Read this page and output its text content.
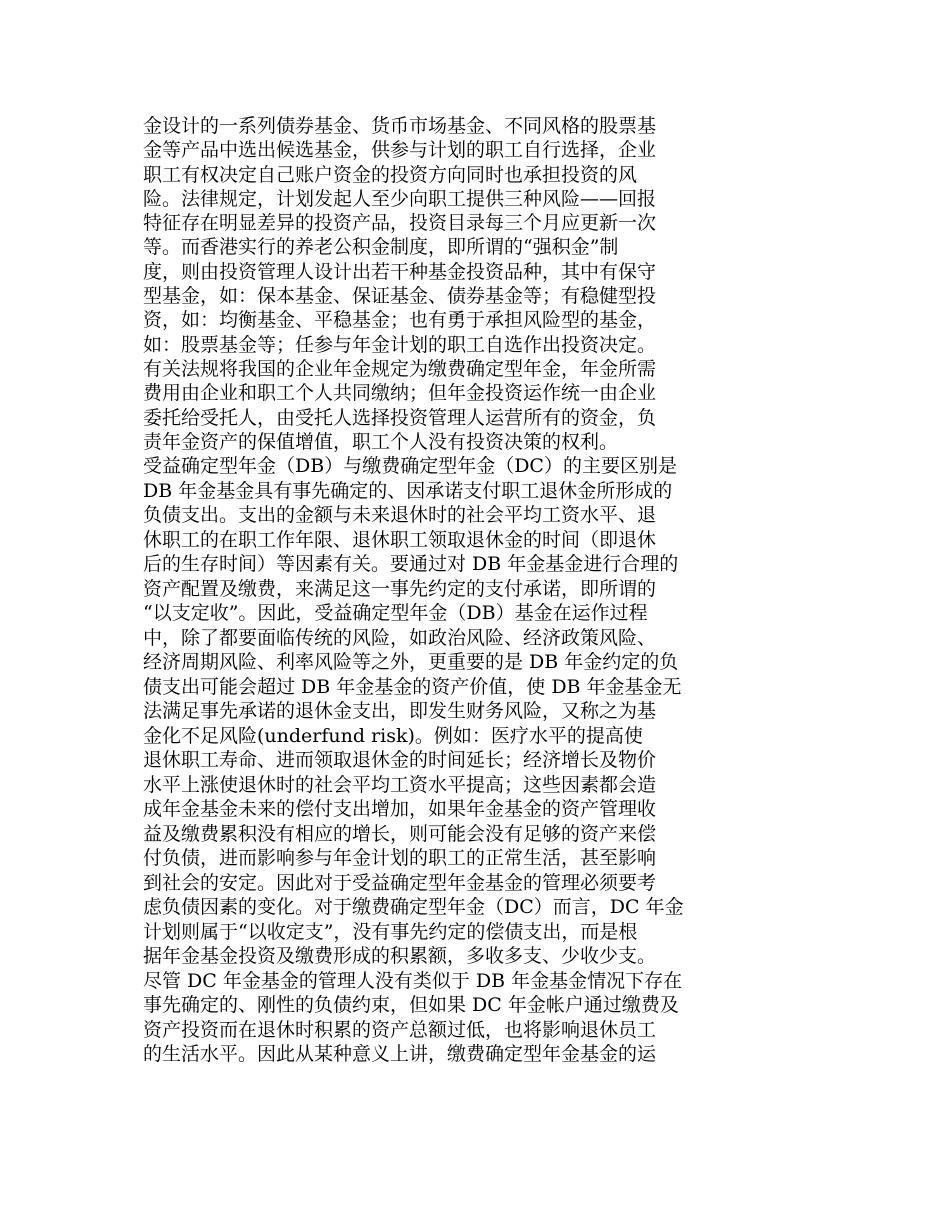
金设计的一系列债券基金、货币市场基金、不同风格的股票基
金等产品中选出候选基金，供参与计划的职工自行选择，企业
职工有权决定自己账户资金的投资方向同时也承担投资的风
险。法律规定，计划发起人至少向职工提供三种风险——回报
特征存在明显差异的投资产品，投资目录每三个月应更新一次
等。而香港实行的养老公积金制度，即所谓的“强积金”制
度，则由投资管理人设计出若干种基金投资品种，其中有保守
型基金，如：保本基金、保证基金、债券基金等；有稳健型投
资，如：均衡基金、平稳基金；也有勇于承担风险型的基金，
如：股票基金等；任参与年金计划的职工自选作出投资决定。
有关法规将我国的企业年金规定为缴费确定型年金，年金所需
费用由企业和职工个人共同缴纳；但年金投资运作统一由企业
委托给受托人，由受托人选择投资管理人运营所有的资金，负
责年金资产的保值增值，职工个人没有投资决策的权利。
受益确定型年金（DB）与缴费确定型年金（DC）的主要区别是
DB 年金基金具有事先确定的、因承诺支付职工退休金所形成的
负债支出。支出的金额与未来退休时的社会平均工资水平、退
休职工的在职工作年限、退休职工领取退休金的时间（即退休
后的生存时间）等因素有关。要通过对 DB 年金基金进行合理的
资产配置及缴费，来满足这一事先约定的支付承诺，即所谓的
“以支定收”。因此，受益确定型年金（DB）基金在运作过程
中，除了都要面临传统的风险，如政治风险、经济政策风险、
经济周期风险、利率风险等之外，更重要的是 DB 年金约定的负
债支出可能会超过 DB 年金基金的资产价值，使 DB 年金基金无
法满足事先承诺的退休金支出，即发生财务风险，又称之为基
金化不足风险(underfund risk)。例如：医疗水平的提高使
退休职工寿命、进而领取退休金的时间延长；经济增长及物价
水平上涨使退休时的社会平均工资水平提高；这些因素都会造
成年金基金未来的偿付支出增加，如果年金基金的资产管理收
益及缴费累积没有相应的增长，则可能会没有足够的资产来偿
付负债，进而影响参与年金计划的职工的正常生活，甚至影响
到社会的安定。因此对于受益确定型年金基金的管理必须要考
虑负债因素的变化。对于缴费确定型年金（DC）而言，DC 年金
计划则属于“以收定支”，没有事先约定的偿债支出，而是根
据年金基金投资及缴费形成的积累额，多收多支、少收少支。
尽管 DC 年金基金的管理人没有类似于 DB 年金基金情况下存在
事先确定的、刚性的负债约束，但如果 DC 年金帐户通过缴费及
资产投资而在退休时积累的资产总额过低，也将影响退休员工
的生活水平。因此从某种意义上讲，缴费确定型年金基金的运
